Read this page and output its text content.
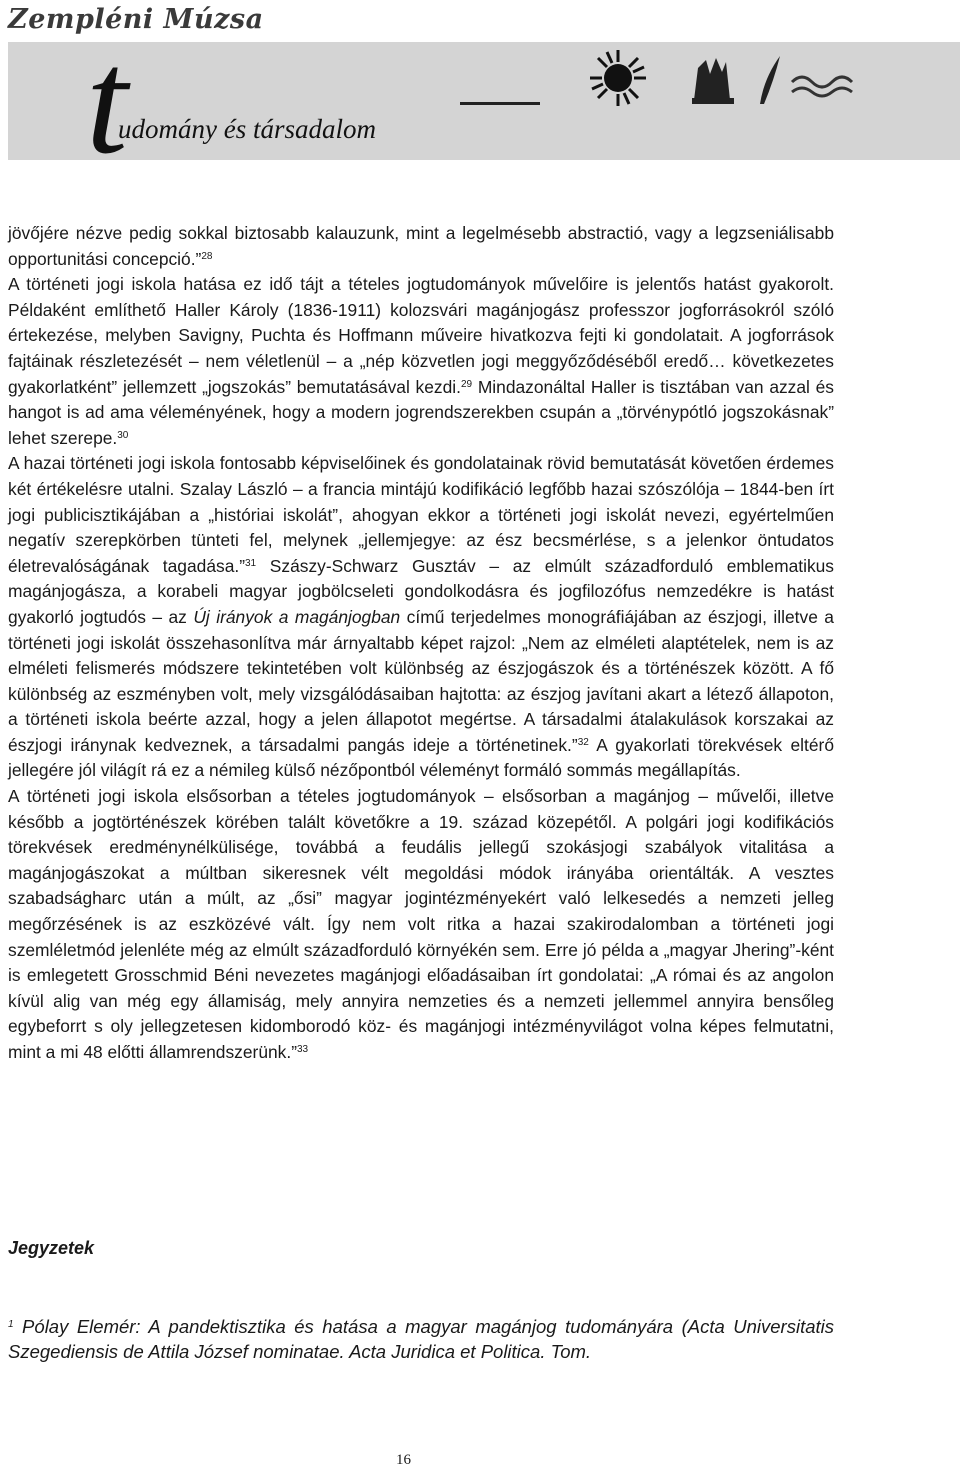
Zempléni Múzsa
t
udomány és társadalom

jövőjére nézve pedig sokkal biztosabb kalauzunk, mint a legelmésebb abstractió, vagy a legzseniálisabb opportunitási concepció.”$^{28}$

A történeti jogi iskola hatása ez idő tájt a tételes jogtudományok művelőire is jelentős hatást gyakorolt. Példaként említhető Haller Károly (1836-1911) kolozsvári magánjogász professzor jogforrásokról szóló értekezése, melyben Savigny, Puchta és Hoffmann műveire hivatkozva fejti ki gondolatait. A jogforrások fajtáinak részletezését – nem véletlenül – a „nép közvetlen jogi meggyőződéséből eredő… következetes gyakorlatként” jellemzett „jogszokás” bemutatásával kezdi.$^{29}$ Mindazonáltal Haller is tisztában van azzal és hangot is ad ama véleményének, hogy a modern jogrendszerekben csupán a „törvénypótló jogszokásnak” lehet szerepe.$^{30}$

A hazai történeti jogi iskola fontosabb képviselőinek és gondolatainak rövid bemutatását követően érdemes két értékelésre utalni. Szalay László – a francia mintájú kodifikáció legfőbb hazai szószólója – 1844-ben írt jogi publicisztikájában a „históriai iskolát”, ahogyan ekkor a történeti jogi iskolát nevezi, egyértelműen negatív szerepkörben tünteti fel, melynek „jellemjegye: az ész becsmérlése, s a jelenkor öntudatos életrevalóságának tagadása.”$^{31}$ Szászy-Schwarz Gusztáv – az elmúlt századforduló emblematikus magánjogásza, a korabeli magyar jogbölcseleti gondolkodásra és jogfilozófus nemzedékre is hatást gyakorló jogtudós – az Új irányok a magánjogban című terjedelmes monográfiájában az észjogi, illetve a történeti jogi iskolát összehasonlítva már árnyaltabb képet rajzol: „Nem az elméleti alaptételek, nem is az elméleti felismerés módszere tekintetében volt különbség az észjogászok és a történészek között. A fő különbség az eszményben volt, mely vizsgálódásaiban hajtotta: az észjog javítani akart a létező állapoton, a történeti iskola beérte azzal, hogy a jelen állapotot megértse. A társadalmi átalakulások korszakai az észjogi iránynak kedveznek, a társadalmi pangás ideje a történetinek.”$^{32}$ A gyakorlati törekvések eltérő jellegére jól világít rá ez a némileg külső nézőpontból véleményt formáló sommás megállapítás.

A történeti jogi iskola elsősorban a tételes jogtudományok – elsősorban a magánjog – művelői, illetve később a jogtörténészek körében talált követőkre a 19. század közepétől. A polgári jogi kodifikációs törekvések eredménynélkülisége, továbbá a feudális jellegű szokásjogi szabályok vitalitása a magánjogászokat a múltban sikeresnek vélt megoldási módok irányába orientálták. A vesztes szabadságharc után a múlt, az „ősi” magyar jogintézményekért való lelkesedés a nemzeti jelleg megőrzésének is az eszközévé vált. Így nem volt ritka a hazai szakirodalomban a történeti jogi szemléletmód jelenléte még az elmúlt századforduló környékén sem. Erre jó példa a „magyar Jhering”-ként is emlegetett Grosschmid Béni nevezetes magánjogi előadásaiban írt gondolatai: „A római és az angolon kívül alig van még egy államiság, mely annyira nemzeties és a nemzeti jellemmel annyira bensőleg egybeforrt s oly jellegzetesen kidomborodó köz- és magánjogi intézményvilágot volna képes felmutatni, mint a mi 48 előtti államrendszerünk.”$^{33}$

Jegyzetek
$^1$ Pólay Elemér: A pandektisztika és hatása a magyar magánjog tudományára (Acta Universitatis Szegediensis de Attila József nominatae. Acta Juridica et Politica. Tom.
16
